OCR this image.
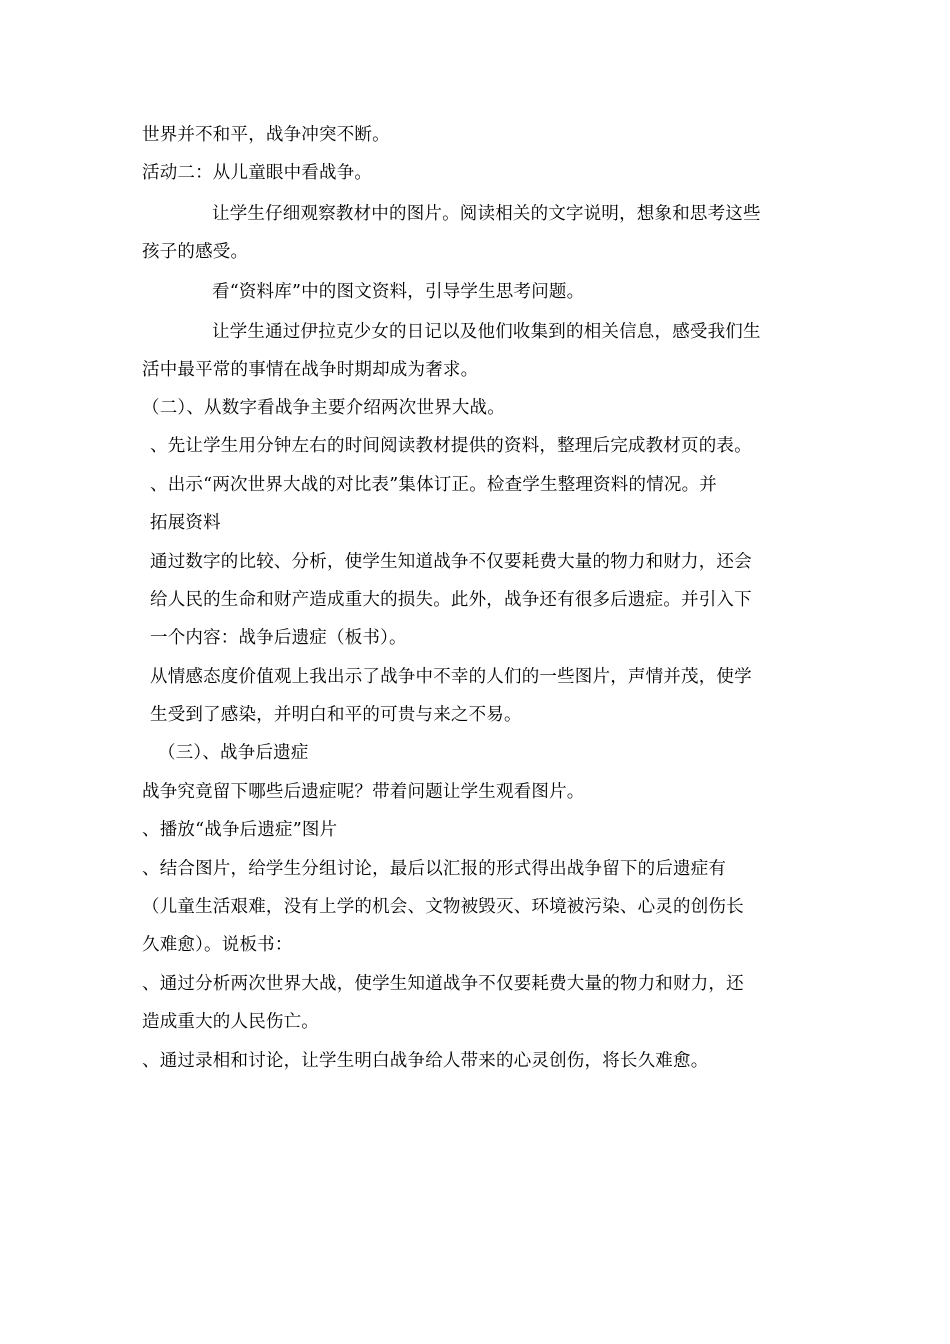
世界并不和平，战争冲突不断。
活动二：从儿童眼中看战争。
让学生仔细观察教材中的图片。阅读相关的文字说明，想象和思考这些
孩子的感受。
看“资料库”中的图文资料，引导学生思考问题。
让学生通过伊拉克少女的日记以及他们收集到的相关信息，感受我们生
活中最平常的事情在战争时期却成为奢求。
（二）、从数字看战争主要介绍两次世界大战。
、先让学生用分钟左右的时间阅读教材提供的资料，整理后完成教材页的表。
、出示“两次世界大战的对比表”集体订正。检查学生整理资料的情况。并
拓展资料
通过数字的比较、分析，使学生知道战争不仅要耗费大量的物力和财力，还会
给人民的生命和财产造成重大的损失。此外，战争还有很多后遗症。并引入下
一个内容：战争后遗症（板书）。
从情感态度价值观上我出示了战争中不幸的人们的一些图片，声情并茂，使学
生受到了感染，并明白和平的可贵与来之不易。
（三）、战争后遗症
战争究竟留下哪些后遗症呢？带着问题让学生观看图片。
、播放“战争后遗症”图片
、结合图片，给学生分组讨论，最后以汇报的形式得出战争留下的后遗症有
（儿童生活艰难，没有上学的机会、文物被毁灭、环境被污染、心灵的创伤长
久难愈）。说板书：
、通过分析两次世界大战，使学生知道战争不仅要耗费大量的物力和财力，还
造成重大的人民伤亡。
、通过录相和讨论，让学生明白战争给人带来的心灵创伤，将长久难愈。
